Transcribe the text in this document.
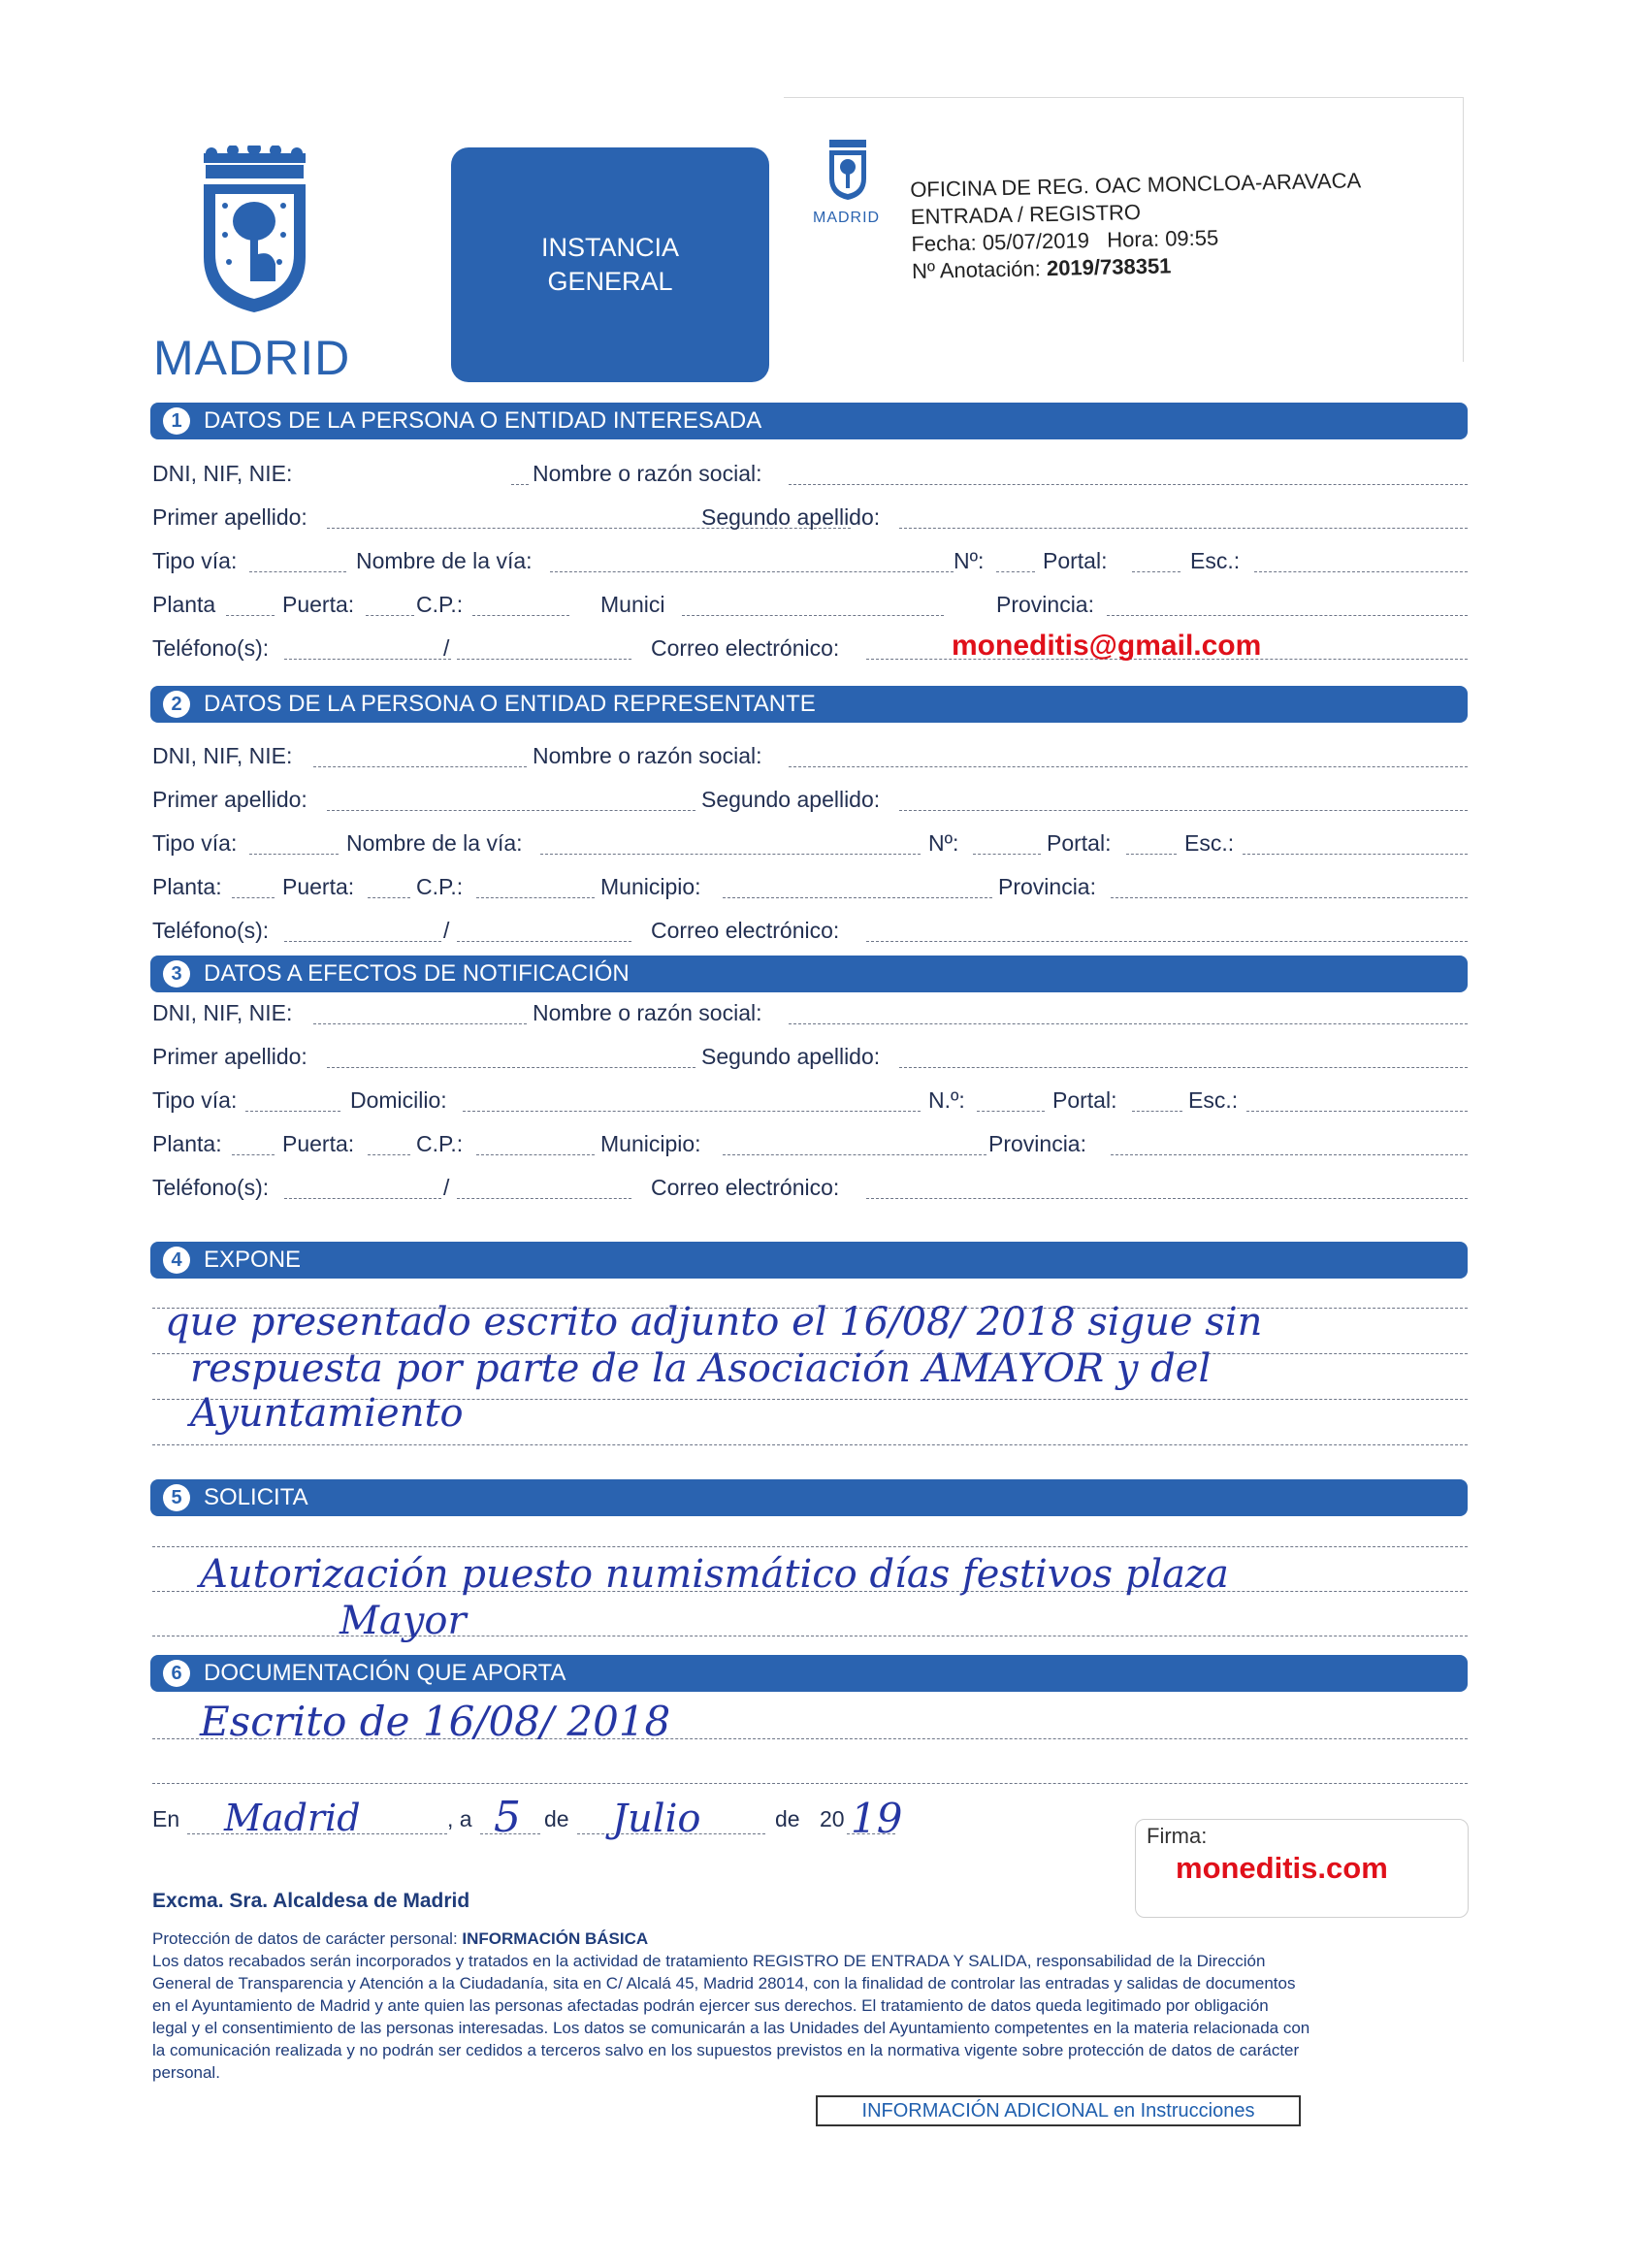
MADRID
INSTANCIA
GENERAL
MADRID
OFICINA DE REG. OAC MONCLOA-ARAVACA
ENTRADA / REGISTRO
Fecha: 05/07/2019 Hora: 09:55
Nº Anotación: 2019/738351
1 DATOS DE LA PERSONA O ENTIDAD INTERESADA
DNI, NIF, NIE:	Nombre o razón social:
Primer apellido:	Segundo apellido:
Tipo vía:	Nombre de la vía:	Nº:	Portal:	Esc.:
Planta	Puerta:	C.P.:	Munici	Provincia:
Teléfono(s):	/	Correo electrónico:	moneditis@gmail.com
2 DATOS DE LA PERSONA O ENTIDAD REPRESENTANTE
DNI, NIF, NIE:	Nombre o razón social:
Primer apellido:	Segundo apellido:
Tipo vía:	Nombre de la vía:	Nº:	Portal:	Esc.:
Planta:	Puerta:	C.P.:	Municipio:	Provincia:
Teléfono(s):	/	Correo electrónico:
3 DATOS A EFECTOS DE NOTIFICACIÓN
DNI, NIF, NIE:	Nombre o razón social:
Primer apellido:	Segundo apellido:
Tipo vía:	Domicilio:	N.º:	Portal:	Esc.:
Planta:	Puerta:	C.P.:	Municipio:	Provincia:
Teléfono(s):	/	Correo electrónico:
4 EXPONE
que presentado escrito adjunto el 16/08/ 2018 sigue sin
respuesta por parte de la Asociación AMAYOR y del
Ayuntamiento
5 SOLICITA
Autorización puesto numismático días festivos plaza
Mayor
6 DOCUMENTACIÓN QUE APORTA
Escrito de 16/08/ 2018
En Madrid	, a 5 de Julio	de 20 19	Firma:
moneditis.com
Excma. Sra. Alcaldesa de Madrid
Protección de datos de carácter personal: INFORMACIÓN BÁSICA
Los datos recabados serán incorporados y tratados en la actividad de tratamiento REGISTRO DE ENTRADA Y SALIDA, responsabilidad de la Dirección
General de Transparencia y Atención a la Ciudadanía, sita en C/ Alcalá 45, Madrid 28014, con la finalidad de controlar las entradas y salidas de documentos
en el Ayuntamiento de Madrid y ante quien las personas afectadas podrán ejercer sus derechos. El tratamiento de datos queda legitimado por obligación
legal y el consentimiento de las personas interesadas. Los datos se comunicarán a las Unidades del Ayuntamiento competentes en la materia relacionada con
la comunicación realizada y no podrán ser cedidos a terceros salvo en los supuestos previstos en la normativa vigente sobre protección de datos de carácter
personal.
INFORMACIÓN ADICIONAL en Instrucciones
